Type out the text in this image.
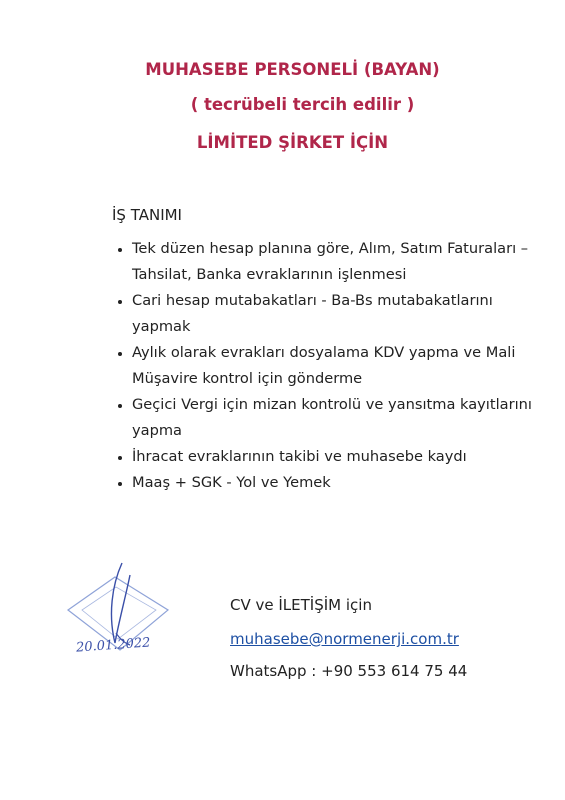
MUHASEBE PERSONELİ (BAYAN)
( tecrübeli tercih edilir )
LİMİTED ŞİRKET İÇİN
İŞ TANIMI
• Tek düzen hesap planına göre, Alım, Satım Faturaları – Tahsilat, Banka evraklarının işlenmesi
• Cari hesap mutabakatları - Ba-Bs mutabakatlarını yapmak
• Aylık olarak evrakları dosyalama KDV yapma ve Mali Müşavire kontrol için gönderme
• Geçici Vergi için mizan kontrolü ve yansıtma kayıtlarını yapma
• İhracat evraklarının takibi ve muhasebe kaydı
• Maaş + SGK - Yol ve Yemek
20.01.2022
CV ve İLETİŞİM için
muhasebe@normenerji.com.tr
WhatsApp : +90 553 614 75 44
